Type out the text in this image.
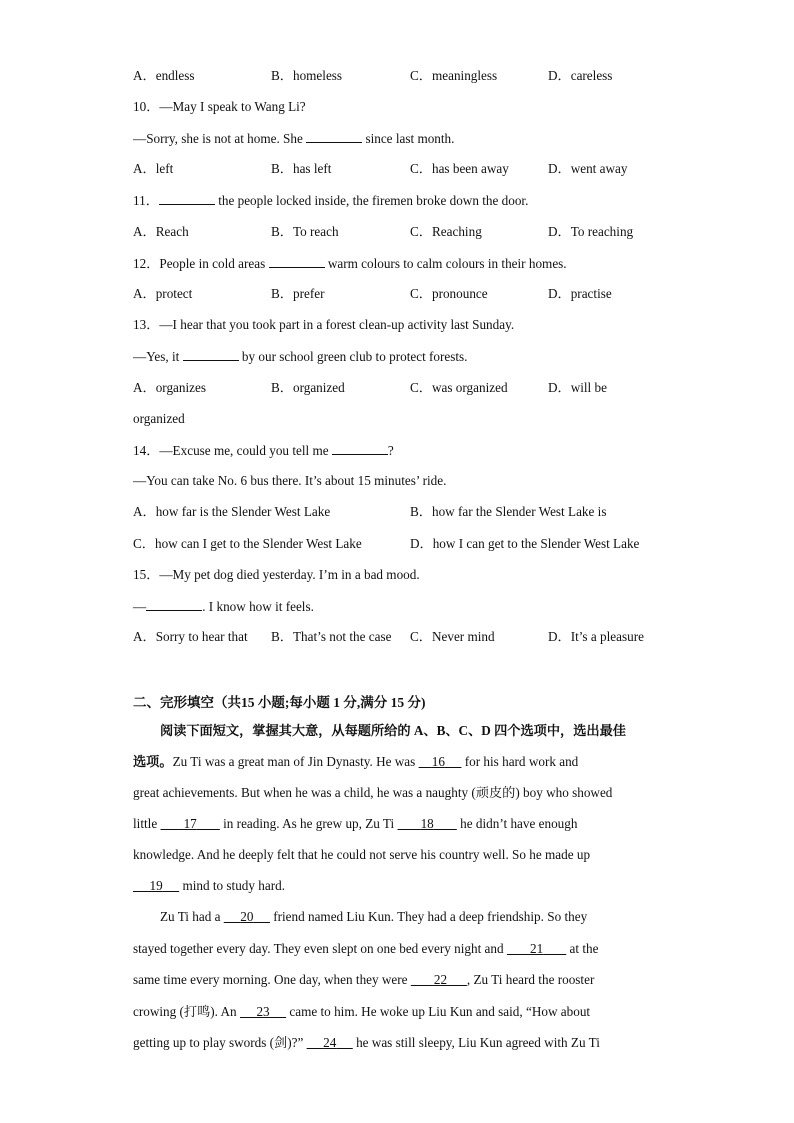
A．endless	B．homeless	C．meaningless	D．careless
10．—May I speak to Wang Li?
—Sorry, she is not at home. She	since last month.
A．left	B．has left	C．has been away	D．went away
11．	the people locked inside, the firemen broke down the door.
A．Reach	B．To reach	C．Reaching	D．To reaching
12．People in cold areas	warm colours to calm colours in their homes.
A．protect	B．prefer	C．pronounce	D．practise
13．—I hear that you took part in a forest clean-up activity last Sunday.
—Yes, it	by our school green club to protect forests.
A．organizes	B．organized	C．was organized	D．will be
organized
14．—Excuse me, could you tell me	?
—You can take No. 6 bus there. It’s about 15 minutes’ ride.
A．how far is the Slender West Lake	B．how far the Slender West Lake is
C．how can I get to the Slender West Lake	D．how I can get to the Slender West Lake
15．—My pet dog died yesterday. I’m in a bad mood.
—	. I know how it feels.
A．Sorry to hear that B．That’s not the case C．Never mind	D．It’s a pleasure
二、完形填空（共15 小题;每小题 1 分,满分 15 分)
阅读下面短文，掌握其大意，从每题所给的 A、B、C、D 四个选项中，选出最佳
选项。Zu Ti was a great man of Jin Dynasty. He was     16      for his hard work and
great achievements. But when he was a child, he was a naughty (顽皮的) boy who showed
little        17        in reading. As he grew up, Zu Ti        18        he didn’t have enough
knowledge. And he deeply felt that he could not serve his country well. So he made up
19      mind to study hard.
Zu Ti had a      20      friend named Liu Kun. They had a deep friendship. So they
stayed together every day. They even slept on one bed every night and        21        at the
same time every morning. One day, when they were        22 , Zu Ti heard the rooster
crowing (打鸣). An      23      came to him. He woke up Liu Kun and said, “How about
getting up to play swords (剑)?”      24      he was still sleepy, Liu Kun agreed with Zu Ti
